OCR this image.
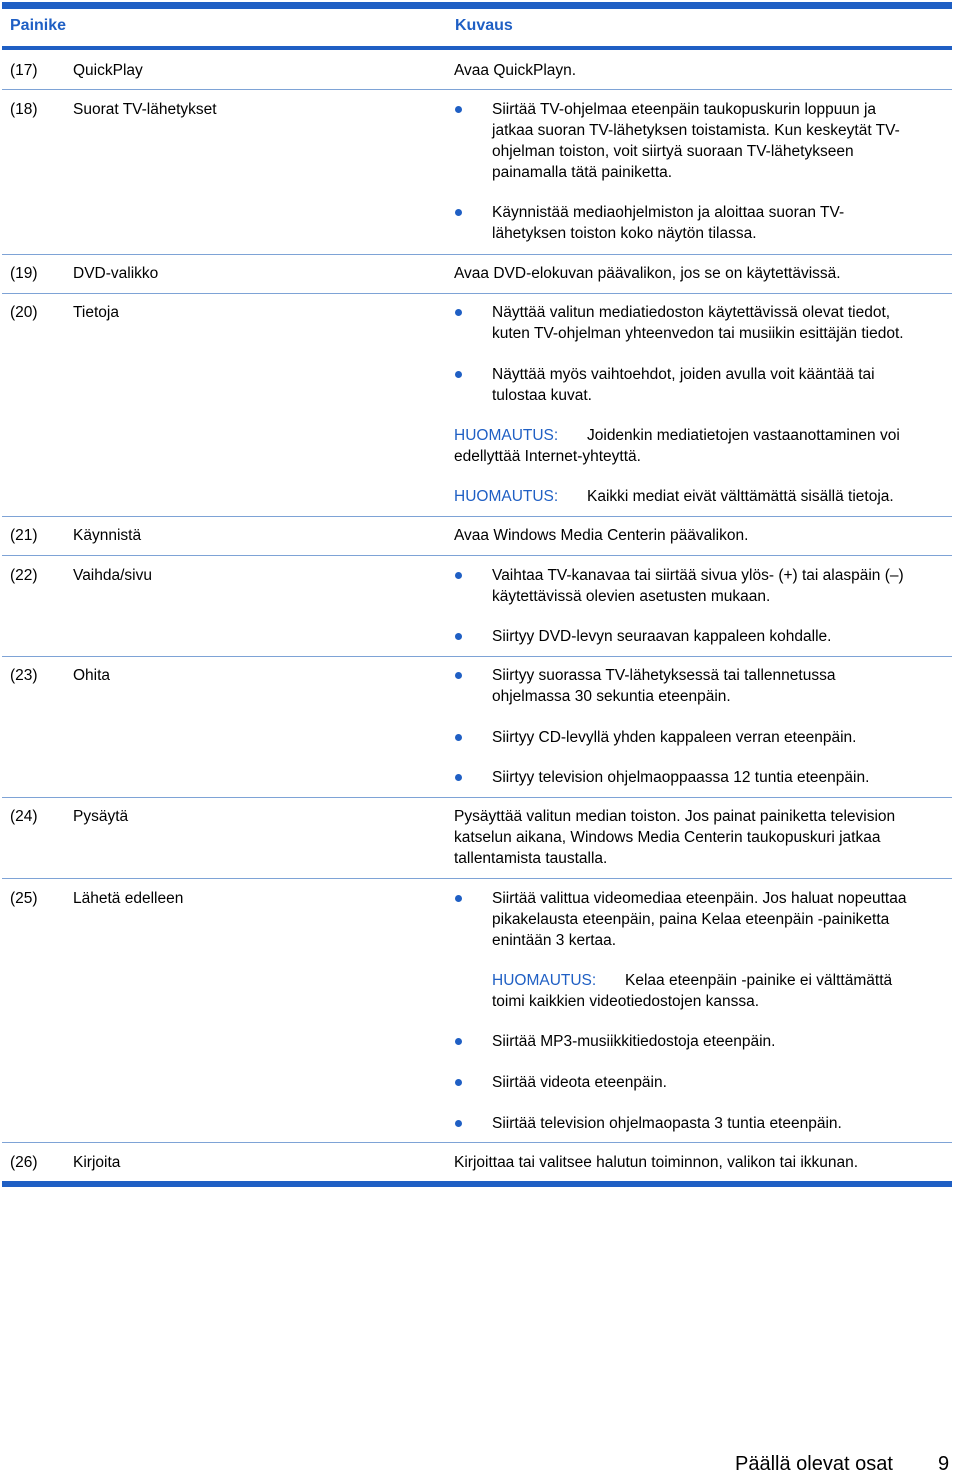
Painike	Kuvaus
(17) QuickPlay	Avaa QuickPlayn.
(18) Suorat TV-lähetykset	Siirtää TV-ohjelmaa eteenpäin taukopuskurin loppuun ja
jatkaa suoran TV-lähetyksen toistamista. Kun keskeytät TV-
ohjelman toiston, voit siirtyä suoraan TV-lähetykseen
painamalla tätä painiketta.
Käynnistää mediaohjelmiston ja aloittaa suoran TV-
lähetyksen toiston koko näytön tilassa.
(19) DVD-valikko	Avaa DVD-elokuvan päävalikon, jos se on käytettävissä.
(20) Tietoja	Näyttää valitun mediatiedoston käytettävissä olevat tiedot,
kuten TV-ohjelman yhteenvedon tai musiikin esittäjän tiedot.
Näyttää myös vaihtoehdot, joiden avulla voit kääntää tai
tulostaa kuvat.
HUOMAUTUS: Joidenkin mediatietojen vastaanottaminen voi
edellyttää Internet-yhteyttä.
HUOMAUTUS: Kaikki mediat eivät välttämättä sisällä tietoja.
(21) Käynnistä	Avaa Windows Media Centerin päävalikon.
(22) Vaihda/sivu	Vaihtaa TV-kanavaa tai siirtää sivua ylös- (+) tai alaspäin (–)
käytettävissä olevien asetusten mukaan.
Siirtyy DVD-levyn seuraavan kappaleen kohdalle.
(23) Ohita	Siirtyy suorassa TV-lähetyksessä tai tallennetussa
ohjelmassa 30 sekuntia eteenpäin.
Siirtyy CD-levyllä yhden kappaleen verran eteenpäin.
Siirtyy television ohjelmaoppaassa 12 tuntia eteenpäin.
(24) Pysäytä	Pysäyttää valitun median toiston. Jos painat painiketta television
katselun aikana, Windows Media Centerin taukopuskuri jatkaa
tallentamista taustalla.
(25) Lähetä edelleen	Siirtää valittua videomediaa eteenpäin. Jos haluat nopeuttaa
pikakelausta eteenpäin, paina Kelaa eteenpäin -painiketta
enintään 3 kertaa.
HUOMAUTUS: Kelaa eteenpäin -painike ei välttämättä
toimi kaikkien videotiedostojen kanssa.
Siirtää MP3-musiikkitiedostoja eteenpäin.
Siirtää videota eteenpäin.
Siirtää television ohjelmaopasta 3 tuntia eteenpäin.
(26) Kirjoita	Kirjoittaa tai valitsee halutun toiminnon, valikon tai ikkunan.
Päällä olevat osat 9
